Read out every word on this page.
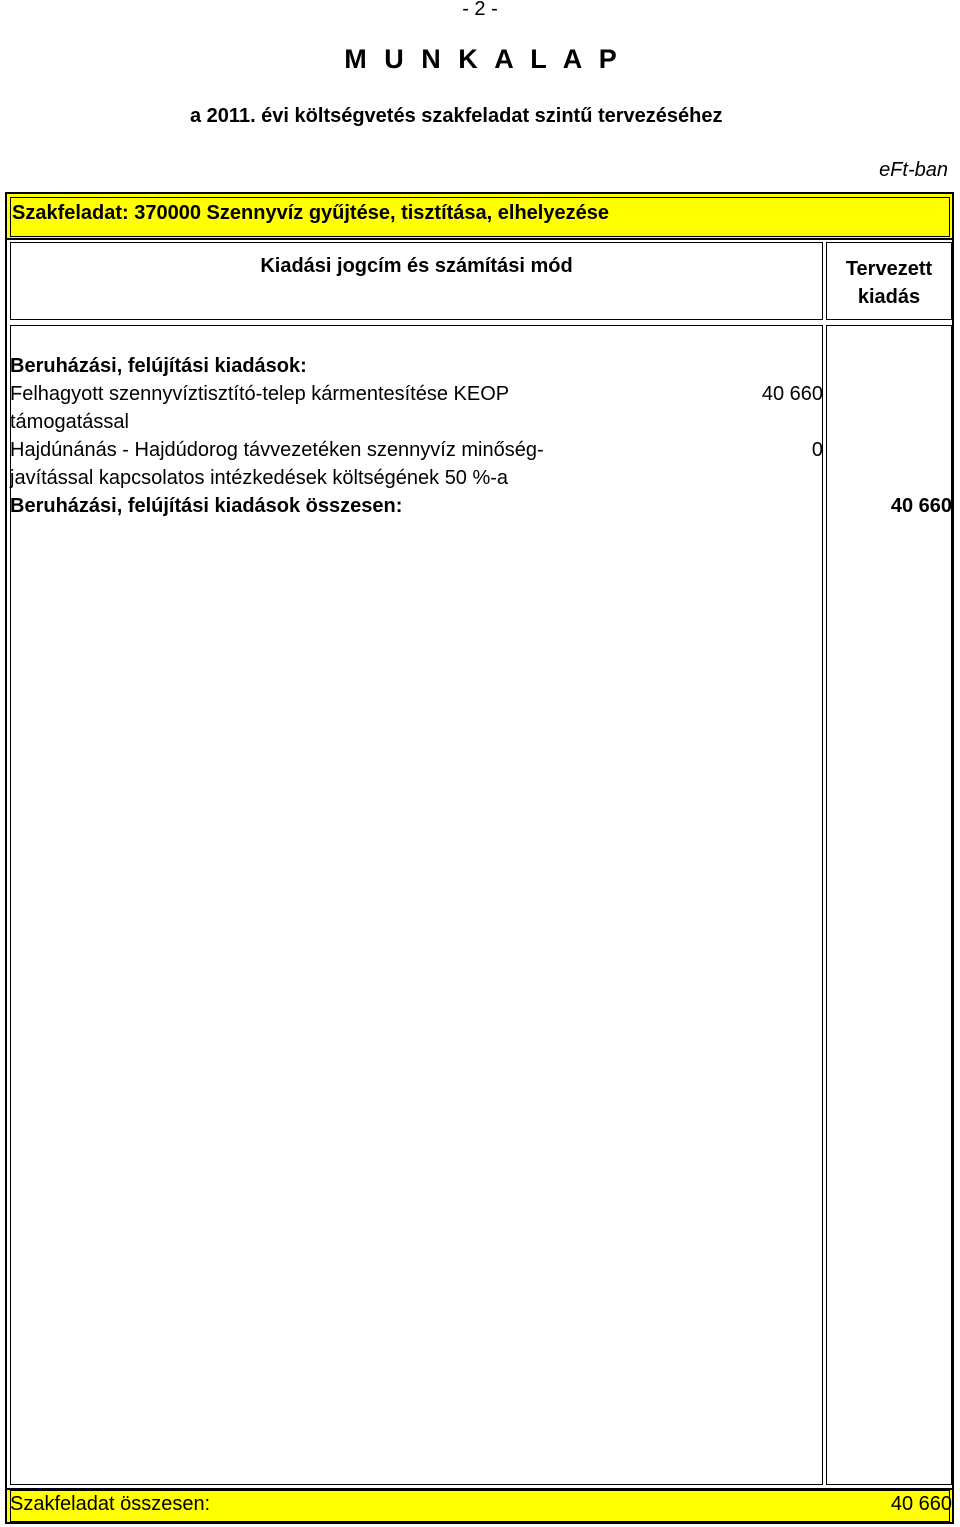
- 2 -
M U N K A L A P
a 2011. évi költségvetés szakfeladat szintű tervezéséhez
eFt-ban
Szakfeladat: 370000 Szennyvíz gyűjtése, tisztítása, elhelyezése
Kiadási jogcím és számítási mód	Tervezett
kiadás
Beruházási, felújítási kiadások:
Felhagyott szennyvíztisztító-telep kármentesítése KEOP	40 660
támogatással
Hajdúnánás - Hajdúdorog távvezetéken szennyvíz minőség-	0
javítással kapcsolatos intézkedések költségének 50 %-a
Beruházási, felújítási kiadások összesen:	40 660
Szakfeladat összesen:	40 660
